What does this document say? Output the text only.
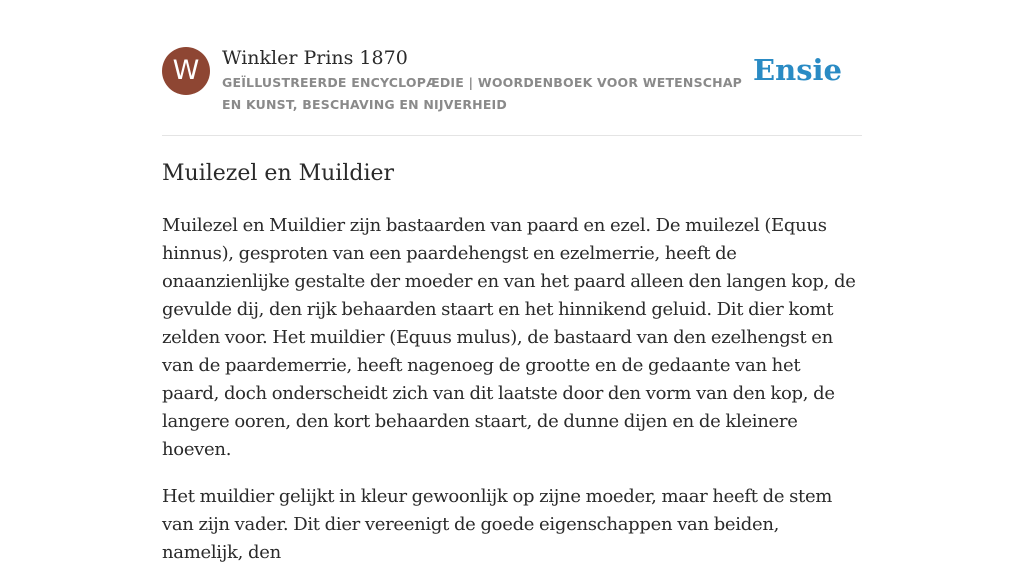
W	Winkler Prins 1870
GEÏLLUSTREERDE ENCYCLOPÆDIE | WOORDENBOEK VOOR WETENSCHAP EN KUNST, BESCHAVING EN NIJVERHEID
Ensie
Muilezel en Muildier

Muilezel en Muildier zijn bastaarden van paard en ezel. De muilezel (Equus hinnus), gesproten van een paardehengst en ezelmerrie, heeft de onaanzienlijke gestalte der moeder en van het paard alleen den langen kop, de gevulde dij, den rijk behaarden staart en het hinnikend geluid. Dit dier komt zelden voor. Het muildier (Equus mulus), de bastaard van den ezelhengst en van de paardemerrie, heeft nagenoeg de grootte en de gedaante van het paard, doch onderscheidt zich van dit laatste door den vorm van den kop, de langere ooren, den kort behaarden staart, de dunne dijen en de kleinere hoeven.

Het muildier gelijkt in kleur gewoonlijk op zijne moeder, maar heeft de stem van zijn vader. Dit dier vereenigt de goede eigenschappen van beiden, namelijk, den
